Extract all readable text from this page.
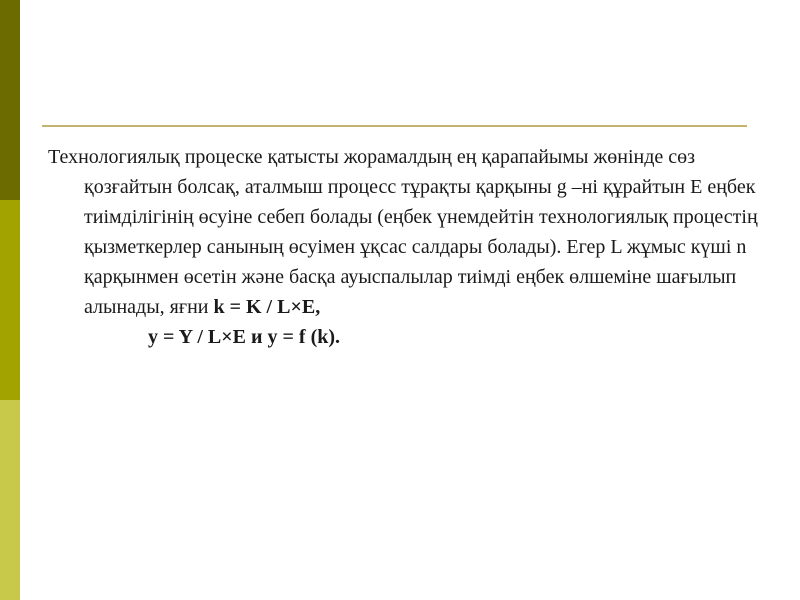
Технологиялық процеске қатысты жорамалдың ең қарапайымы жөнінде сөз қозғайтын болсақ, аталмыш процесс тұрақты қарқыны g –ні құрайтын E еңбек тиімділігінің өсуіне себеп болады (еңбек үнемдейтін технологиялық процестің қызметкерлер санының өсуімен ұқсас салдары болады). Егер L жұмыс күші n қарқынмен өсетін және басқа ауыспалылар тиімді еңбек өлшеміне шағылып алынады, яғни k = K / L×E,

y = Y / L×E и y = f (k).
